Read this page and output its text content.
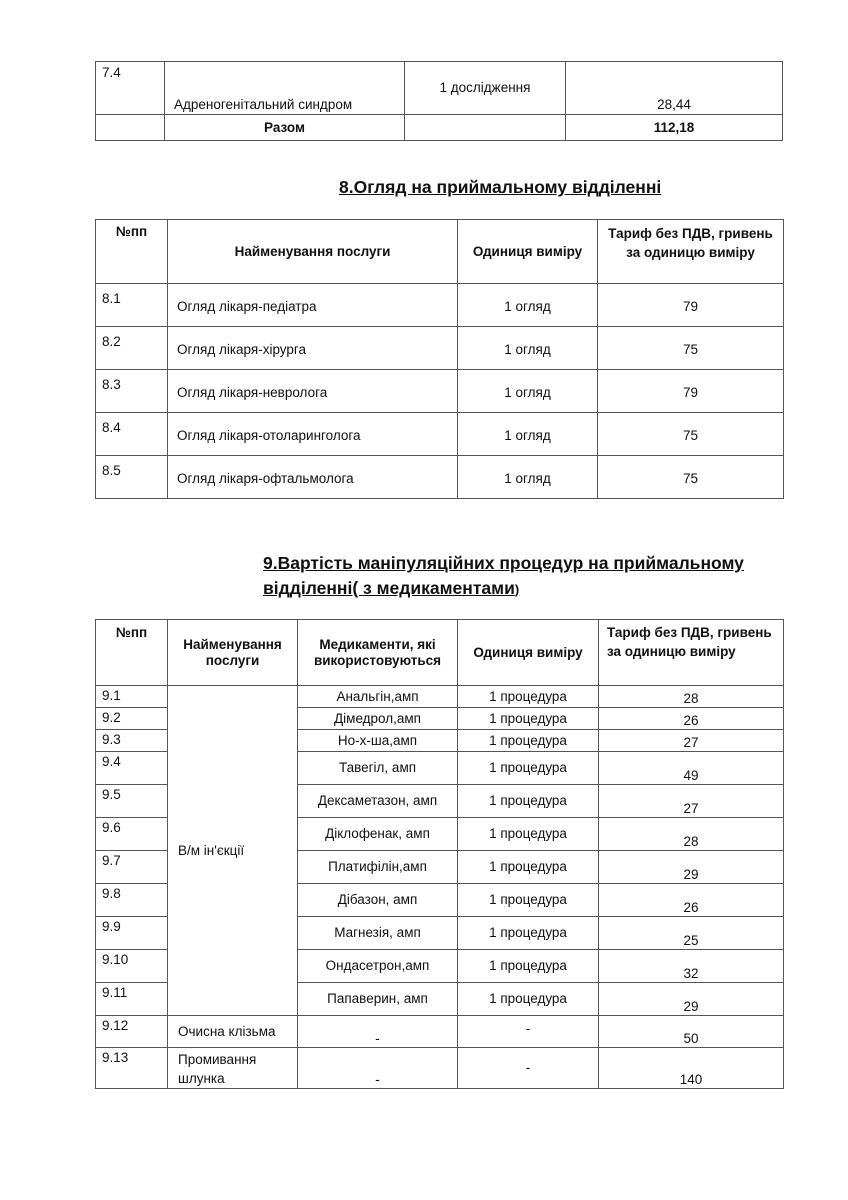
7.4	Адреногенітальний синдром	1 дослідження	28,44
	Разом		112,18
8.Огляд на приймальному відділенні
№пп	Найменування послуги	Одиниця виміру	Тариф без ПДВ, гривень за одиницю виміру
8.1	Огляд лікаря-педіатра	1 огляд	79
8.2	Огляд лікаря-хірурга	1 огляд	75
8.3	Огляд лікаря-невролога	1 огляд	79
8.4	Огляд лікаря-отоларинголога	1 огляд	75
8.5	Огляд лікаря-офтальмолога	1 огляд	75
9.Вартість маніпуляційних процедур на приймальному
відділенні( з медикаментами)
№пп	Найменування послуги	Медикаменти, які використовуються	Одиниця виміру	Тариф без ПДВ, гривень за одиницю виміру
9.1	В/м ін'єкції	Анальгін,амп	1 процедура	28
9.2		Дімедрол,амп	1 процедура	26
9.3		Но-х-ша,амп	1 процедура	27
9.4		Тавегіл, амп	1 процедура	49
9.5		Дексаметазон, амп	1 процедура	27
9.6		Діклофенак, амп	1 процедура	28
9.7		Платифілін,амп	1 процедура	29
9.8		Дібазон, амп	1 процедура	26
9.9		Магнезія, амп	1 процедура	25
9.10		Ондасетрон,амп	1 процедура	32
9.11		Папаверин, амп	1 процедура	29
9.12	Очисна клізьма	-	-	50
9.13	Промивання шлунка	-	-	140
